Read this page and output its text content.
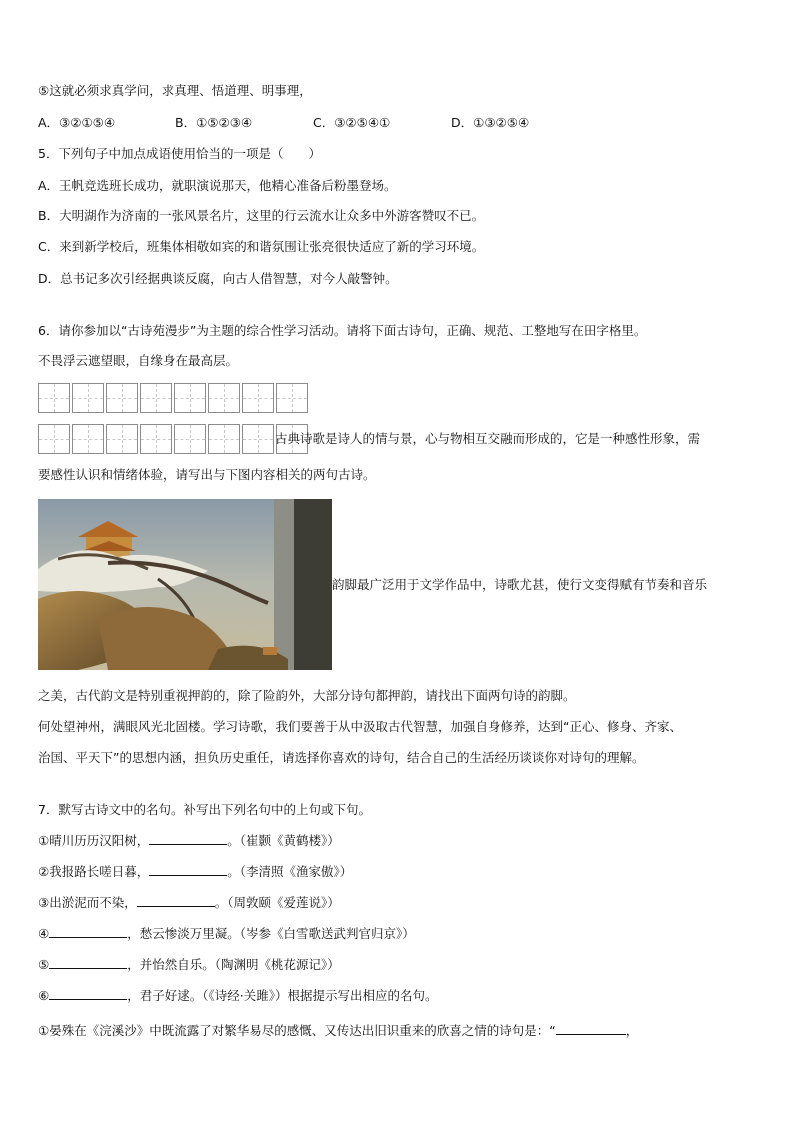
⑤这就必须求真学问，求真理、悟道理、明事理，
A．③②①⑤④	B．①⑤②③④	C．③②⑤④①	D．①③②⑤④
5．下列句子中加点成语使用恰当的一项是（　　）
A．王帆竞选班长成功，就职演说那天，他精心准备后粉墨登场。
B．大明湖作为济南的一张风景名片，这里的行云流水让众多中外游客赞叹不已。
C．来到新学校后，班集体相敬如宾的和谐氛围让张亮很快适应了新的学习环境。
D．总书记多次引经据典谈反腐，向古人借智慧，对今人敲警钟。
6．请你参加以“古诗苑漫步”为主题的综合性学习活动。请将下面古诗句，正确、规范、工整地写在田字格里。
不畏浮云遮望眼，自缘身在最高层。
古典诗歌是诗人的情与景，心与物相互交融而形成的，它是一种感性形象，需
要感性认识和情绪体验，请写出与下图内容相关的两句古诗。
韵脚最广泛用于文学作品中，诗歌尤甚，使行文变得赋有节奏和音乐
之美，古代韵文是特别重视押韵的，除了险韵外，大部分诗句都押韵，请找出下面两句诗的韵脚。
何处望神州，满眼风光北固楼。学习诗歌，我们要善于从中汲取古代智慧，加强自身修养，达到“正心、修身、齐家、
治国、平天下”的思想内涵，担负历史重任，请选择你喜欢的诗句，结合自己的生活经历谈谈你对诗句的理解。
7．默写古诗文中的名句。补写出下列名句中的上句或下句。
①晴川历历汉阳树，	。（崔颢《黄鹤楼》）
②我报路长嗟日暮，	。（李清照《渔家傲》）
③出淤泥而不染，	。（周敦颐《爱莲说》）
④	，愁云惨淡万里凝。（岑参《白雪歌送武判官归京》）
⑤	，并怡然自乐。（陶渊明《桃花源记》）
⑥	，君子好逑。（《诗经·关雎》）根据提示写出相应的名句。
①晏殊在《浣溪沙》中既流露了对繁华易尽的感慨、又传达出旧识重来的欣喜之情的诗句是：“	，
